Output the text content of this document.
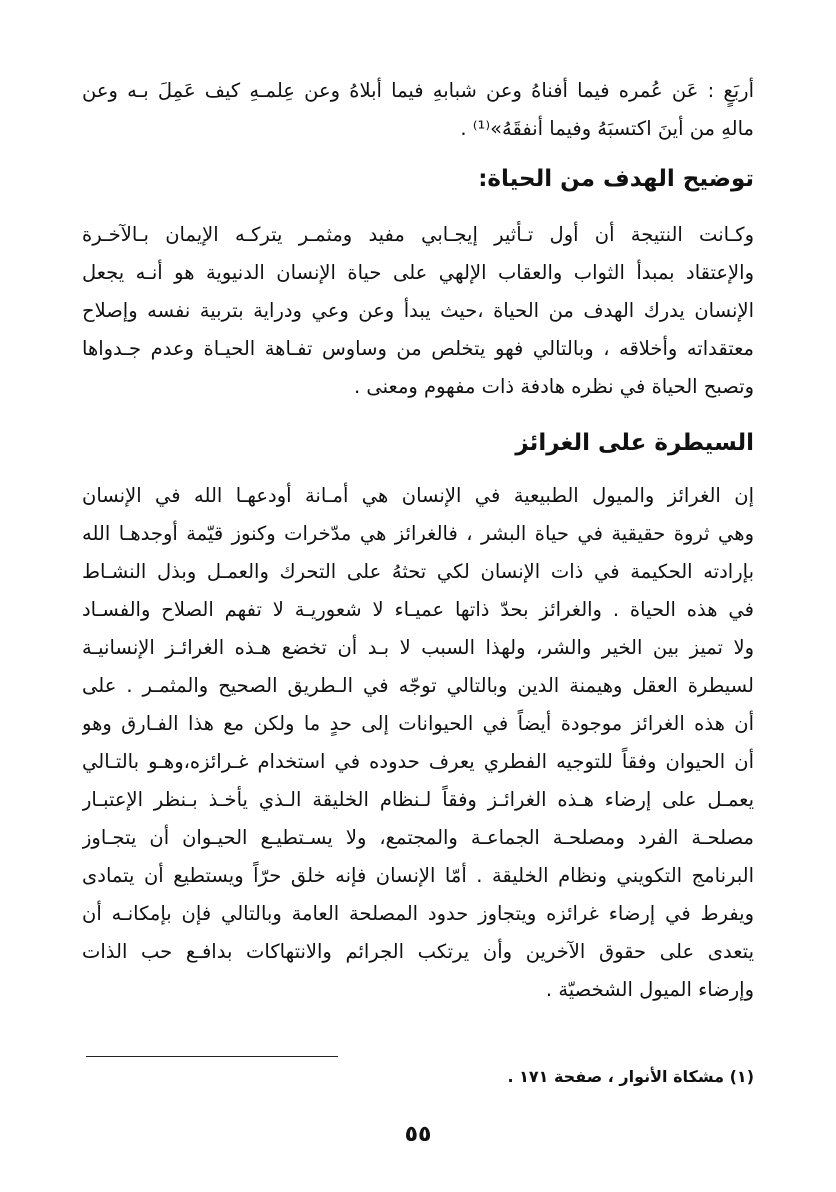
أربَعٍ : عَن عُمره فيما أفناهُ وعن شبابهِ فيما أبلاهُ وعن عِلمـهِ كيف عَمِلَ بـه وعن
مالهِ من أينَ اكتسبَهُ وفيما أنفقَهُ»⁽¹⁾ .
توضيح الهدف من الحياة:
وكـانت النتيجة أن أول تـأثير إيجـابي مفيد ومثمـر يتركـه الإيمان بـالآخـرة
والإعتقاد بمبدأ الثواب والعقاب الإلهي على حياة الإنسان الدنيوية هو أنـه يجعل
الإنسان يدرك الهدف من الحياة ،حيث يبدأ وعن وعي ودراية بتربية نفسه وإصلاح
معتقداته وأخلاقه ، وبالتالي فهو يتخلص من وساوس تفـاهة الحيـاة وعدم جـدواها
وتصبح الحياة في نظره هادفة ذات مفهوم ومعنى .
السيطرة على الغرائز
إن الغرائز والميول الطبيعية في الإنسان هي أمـانة أودعهـا الله في الإنسان
وهي ثروة حقيقية في حياة البشر ، فالغرائز هي مدّخرات وكنوز قيّمة أوجدهـا الله
بإرادته الحكيمة في ذات الإنسان لكي تحثهُ على التحرك والعمـل وبذل النشـاط
في هذه الحياة . والغرائز بحدّ ذاتها عميـاء لا شعوريـة لا تفهم الصلاح والفسـاد
ولا تميز بين الخير والشر، ولهذا السبب لا بـد أن تخضع هـذه الغرائـز الإنسانيـة
لسيطرة العقل وهيمنة الدين وبالتالي توجّه في الـطريق الصحيح والمثمـر . على
أن هذه الغرائز موجودة أيضاً في الحيوانات إلى حدٍ ما ولكن مع هذا الفـارق وهو
أن الحيوان وفقاً للتوجيه الفطري يعرف حدوده في استخدام غـرائزه،وهـو بالتـالي
يعمـل على إرضاء هـذه الغرائـز وفقاً لـنظام الخليقة الـذي يأخـذ بـنظر الإعتبـار
مصلحـة الفرد ومصلحـة الجماعـة والمجتمع، ولا يسـتطيـع الحيـوان أن يتجـاوز
البرنامج التكويني ونظام الخليقة . أمّا الإنسان فإنه خلق حرّاً ويستطيع أن يتمادى
ويفرط في إرضاء غرائزه ويتجاوز حدود المصلحة العامة وبالتالي فإن بإمكانـه أن
يتعدى على حقوق الآخرين وأن يرتكب الجرائم والانتهاكات بدافـع حب الذات
وإرضاء الميول الشخصيّة .
(١) مشكاة الأنوار ، صفحة ١٧١ .
٥٥
